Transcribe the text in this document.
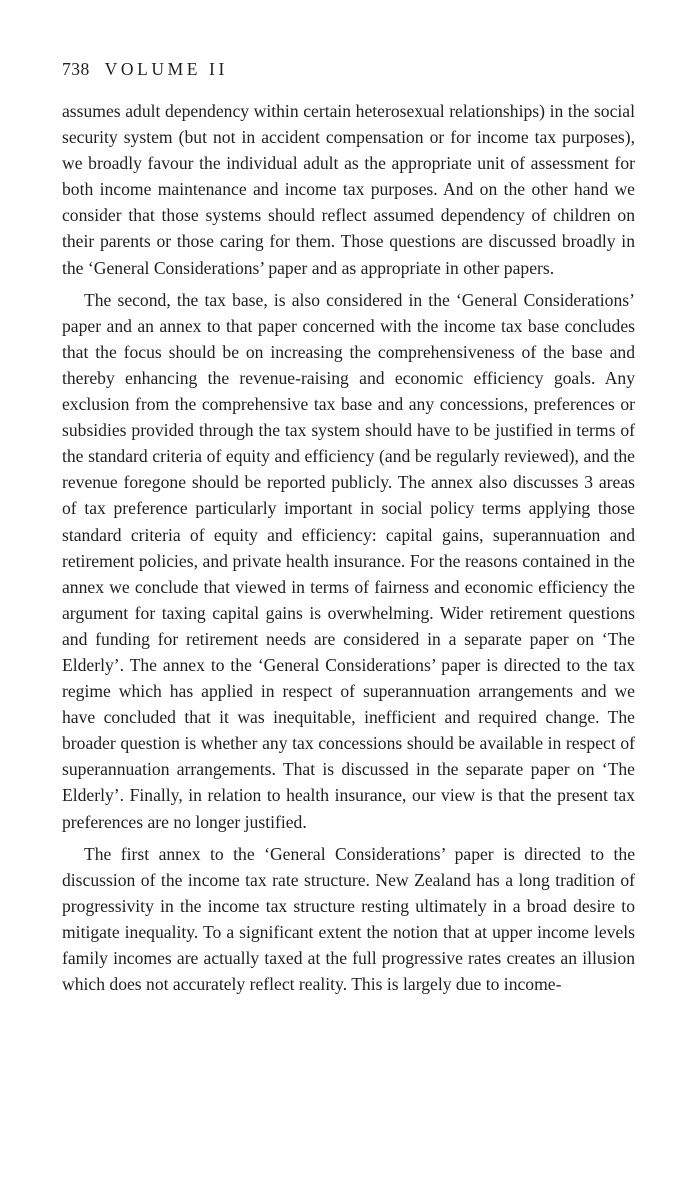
738 VOLUME II

assumes adult dependency within certain heterosexual relationships) in the social security system (but not in accident compensation or for income tax purposes), we broadly favour the individual adult as the appropriate unit of assessment for both income maintenance and income tax purposes. And on the other hand we consider that those systems should reflect assumed dependency of children on their parents or those caring for them. Those questions are discussed broadly in the ‘General Considerations’ paper and as appropriate in other papers.

The second, the tax base, is also considered in the ‘General Considerations’ paper and an annex to that paper concerned with the income tax base concludes that the focus should be on increasing the comprehensiveness of the base and thereby enhancing the revenue-raising and economic efficiency goals. Any exclusion from the comprehensive tax base and any concessions, preferences or subsidies provided through the tax system should have to be justified in terms of the standard criteria of equity and efficiency (and be regularly reviewed), and the revenue foregone should be reported publicly. The annex also discusses 3 areas of tax preference particularly important in social policy terms applying those standard criteria of equity and efficiency: capital gains, superannuation and retirement policies, and private health insurance. For the reasons contained in the annex we conclude that viewed in terms of fairness and economic efficiency the argument for taxing capital gains is overwhelming. Wider retirement questions and funding for retirement needs are considered in a separate paper on ‘The Elderly’. The annex to the ‘General Considerations’ paper is directed to the tax regime which has applied in respect of superannuation arrangements and we have concluded that it was inequitable, inefficient and required change. The broader question is whether any tax concessions should be available in respect of superannuation arrangements. That is discussed in the separate paper on ‘The Elderly’. Finally, in relation to health insurance, our view is that the present tax preferences are no longer justified.

The first annex to the ‘General Considerations’ paper is directed to the discussion of the income tax rate structure. New Zealand has a long tradition of progressivity in the income tax structure resting ultimately in a broad desire to mitigate inequality. To a significant extent the notion that at upper income levels family incomes are actually taxed at the full progressive rates creates an illusion which does not accurately reflect reality. This is largely due to income-
